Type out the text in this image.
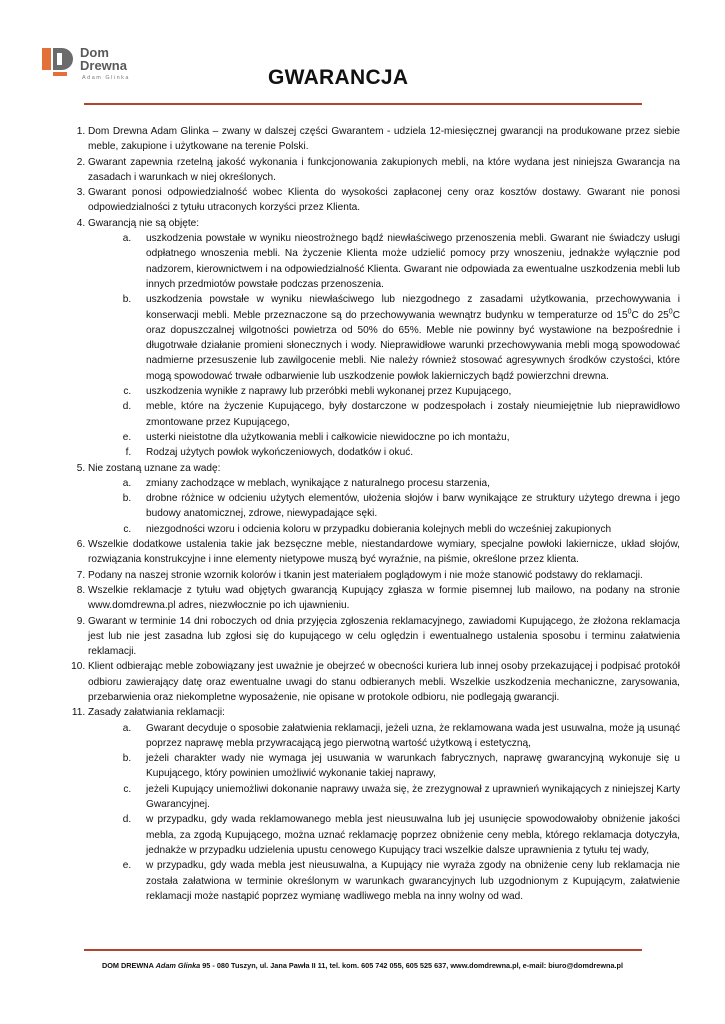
Dom
Drewna
Adam Glinka	GWARANCJA
1. Dom Drewna Adam Glinka – zwany w dalszej części Gwarantem - udziela 12-miesięcznej gwarancji na produkowane przez siebie meble, zakupione i użytkowane na terenie Polski.
2. Gwarant zapewnia rzetelną jakość wykonania i funkcjonowania zakupionych mebli, na które wydana jest niniejsza Gwarancja na zasadach i warunkach w niej określonych.
3. Gwarant ponosi odpowiedzialność wobec Klienta do wysokości zapłaconej ceny oraz kosztów dostawy. Gwarant nie ponosi odpowiedzialności z tytułu utraconych korzyści przez Klienta.
4. Gwarancją nie są objęte:
a. uszkodzenia powstałe w wyniku nieostrożnego bądź niewłaściwego przenoszenia mebli. Gwarant nie świadczy usługi odpłatnego wnoszenia mebli. Na życzenie Klienta może udzielić pomocy przy wnoszeniu, jednakże wyłącznie pod nadzorem, kierownictwem i na odpowiedzialność Klienta. Gwarant nie odpowiada za ewentualne uszkodzenia mebli lub innych przedmiotów powstałe podczas przenoszenia.
b. uszkodzenia powstałe w wyniku niewłaściwego lub niezgodnego z zasadami użytkowania, przechowywania i konserwacji mebli. Meble przeznaczone są do przechowywania wewnątrz budynku w temperaturze od $15^0C$ do $25^0C$ oraz dopuszczalnej wilgotności powietrza od 50% do 65%. Meble nie powinny być wystawione na bezpośrednie i długotrwałe działanie promieni słonecznych i wody. Nieprawidłowe warunki przechowywania mebli mogą spowodować nadmierne przesuszenie lub zawilgocenie mebli. Nie należy również stosować agresywnych środków czystości, które mogą spowodować trwałe odbarwienie lub uszkodzenie powłok lakierniczych bądź powierzchni drewna.
c. uszkodzenia wynikłe z naprawy lub przeróbki mebli wykonanej przez Kupującego,
d. meble, które na życzenie Kupującego, były dostarczone w podzespołach i zostały nieumiejętnie lub nieprawidłowo zmontowane przez Kupującego,
e. usterki nieistotne dla użytkowania mebli i całkowicie niewidoczne po ich montażu,
f. Rodzaj użytych powłok wykończeniowych, dodatków i okuć.
5. Nie zostaną uznane za wadę:
a. zmiany zachodzące w meblach, wynikające z naturalnego procesu starzenia,
b. drobne różnice w odcieniu użytych elementów, ułożenia słojów i barw wynikające ze struktury użytego drewna i jego budowy anatomicznej, zdrowe, niewypadające sęki.
c. niezgodności wzoru i odcienia koloru w przypadku dobierania kolejnych mebli do wcześniej zakupionych
6. Wszelkie dodatkowe ustalenia takie jak bezsęczne meble, niestandardowe wymiary, specjalne powłoki lakiernicze, układ słojów, rozwiązania konstrukcyjne i inne elementy nietypowe muszą być wyraźnie, na piśmie, określone przez klienta.
7. Podany na naszej stronie wzornik kolorów i tkanin jest materiałem poglądowym i nie może stanowić podstawy do reklamacji.
8. Wszelkie reklamacje z tytułu wad objętych gwarancją Kupujący zgłasza w formie pisemnej lub mailowo, na podany na stronie www.domdrewna.pl adres, niezwłocznie po ich ujawnieniu.
9. Gwarant w terminie 14 dni roboczych od dnia przyjęcia zgłoszenia reklamacyjnego, zawiadomi Kupującego, że złożona reklamacja jest lub nie jest zasadna lub zgłosi się do kupującego w celu oględzin i ewentualnego ustalenia sposobu i terminu załatwienia reklamacji.
10. Klient odbierając meble zobowiązany jest uważnie je obejrzeć w obecności kuriera lub innej osoby przekazującej i podpisać protokół odbioru zawierający datę oraz ewentualne uwagi do stanu odbieranych mebli. Wszelkie uszkodzenia mechaniczne, zarysowania, przebarwienia oraz niekompletne wyposażenie, nie opisane w protokole odbioru, nie podlegają gwarancji.
11. Zasady załatwiania reklamacji:
a. Gwarant decyduje o sposobie załatwienia reklamacji, jeżeli uzna, że reklamowana wada jest usuwalna, może ją usunąć poprzez naprawę mebla przywracającą jego pierwotną wartość użytkową i estetyczną,
b. jeżeli charakter wady nie wymaga jej usuwania w warunkach fabrycznych, naprawę gwarancyjną wykonuje się u Kupującego, który powinien umożliwić wykonanie takiej naprawy,
c. jeżeli Kupujący uniemożliwi dokonanie naprawy uważa się, że zrezygnował z uprawnień wynikających z niniejszej Karty Gwarancyjnej.
d. w przypadku, gdy wada reklamowanego mebla jest nieusuwalna lub jej usunięcie spowodowałoby obniżenie jakości mebla, za zgodą Kupującego, można uznać reklamację poprzez obniżenie ceny mebla, którego reklamacja dotyczyła, jednakże w przypadku udzielenia upustu cenowego Kupujący traci wszelkie dalsze uprawnienia z tytułu tej wady,
e. w przypadku, gdy wada mebla jest nieusuwalna, a Kupujący nie wyraża zgody na obniżenie ceny lub reklamacja nie została załatwiona w terminie określonym w warunkach gwarancyjnych lub uzgodnionym z Kupującym, załatwienie reklamacji może nastąpić poprzez wymianę wadliwego mebla na inny wolny od wad.
DOM DREWNA Adam Glinka 95 - 080 Tuszyn, ul. Jana Pawła II 11, tel. kom. 605 742 055, 605 525 637, www.domdrewna.pl, e-mail: biuro@domdrewna.pl
